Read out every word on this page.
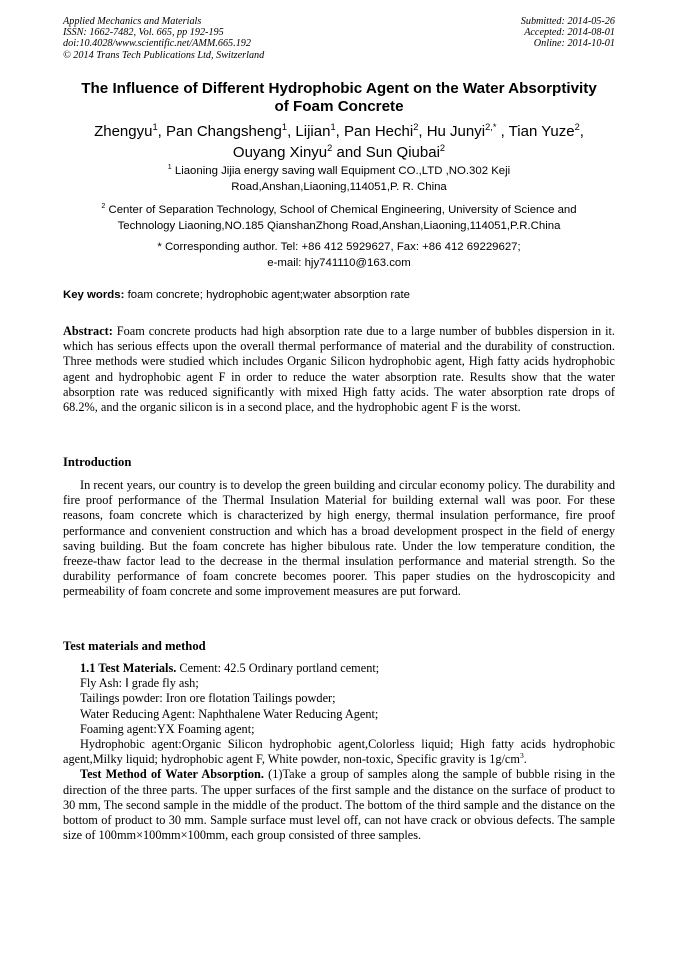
Applied Mechanics and Materials
ISSN: 1662-7482, Vol. 665, pp 192-195
doi:10.4028/www.scientific.net/AMM.665.192
© 2014 Trans Tech Publications Ltd, Switzerland
Submitted: 2014-05-26
Accepted: 2014-08-01
Online: 2014-10-01
The Influence of Different Hydrophobic Agent on the Water Absorptivity
of Foam Concrete
Zhengyu$^1$, Pan Changsheng$^1$, Lijian$^1$, Pan Hechi$^2$, Hu Junyi$^{2,*}$ , Tian Yuze$^2$,
Ouyang Xinyu$^2$ and Sun Qiubai$^2$
$^1$ Liaoning Jijia energy saving wall Equipment CO.,LTD ,NO.302 Keji
Road,Anshan,Liaoning,114051,P. R. China
$^2$ Center of Separation Technology, School of Chemical Engineering, University of Science and
Technology Liaoning,NO.185 QianshanZhong Road,Anshan,Liaoning,114051,P.R.China
* Corresponding author. Tel: +86 412 5929627, Fax: +86 412 69229627;
e-mail: hjy741110@163.com
Key words: foam concrete; hydrophobic agent;water absorption rate
Abstract: Foam concrete products had high absorption rate due to a large number of bubbles dispersion in it. which has serious effects upon the overall thermal performance of material and the durability of construction. Three methods were studied which includes Organic Silicon hydrophobic agent, High fatty acids hydrophobic agent and hydrophobic agent F in order to reduce the water absorption rate. Results show that the water absorption rate was reduced significantly with mixed High fatty acids. The water absorption rate drops of 68.2%, and the organic silicon is in a second place, and the hydrophobic agent F is the worst.
Introduction
In recent years, our country is to develop the green building and circular economy policy. The durability and fire proof performance of the Thermal Insulation Material for building external wall was poor. For these reasons, foam concrete which is characterized by high energy, thermal insulation performance, fire proof performance and convenient construction and which has a broad development prospect in the field of energy saving building. But the foam concrete has higher bibulous rate. Under the low temperature condition, the freeze-thaw factor lead to the decrease in the thermal insulation performance and material strength. So the durability performance of foam concrete becomes poorer. This paper studies on the hydroscopicity and permeability of foam concrete and some improvement measures are put forward.
Test materials and method

1.1 Test Materials. Cement: 42.5 Ordinary portland cement;

Fly Ash: Ⅰ grade fly ash;

Tailings powder: Iron ore flotation Tailings powder;

Water Reducing Agent: Naphthalene Water Reducing Agent;

Foaming agent:YX Foaming agent;

Hydrophobic agent:Organic Silicon hydrophobic agent,Colorless liquid; High fatty acids hydrophobic agent,Milky liquid; hydrophobic agent F, White powder, non-toxic, Specific gravity is $1g/cm^3$.

Test Method of Water Absorption. (1)Take a group of samples along the sample of bubble rising in the direction of the three parts. The upper surfaces of the first sample and the distance on the surface of product to 30 mm, The second sample in the middle of the product. The bottom of the third sample and the distance on the bottom of product to 30 mm. Sample surface must level off, can not have crack or obvious defects. The sample size of 100mm×100mm×100mm, each group consisted of three samples.
